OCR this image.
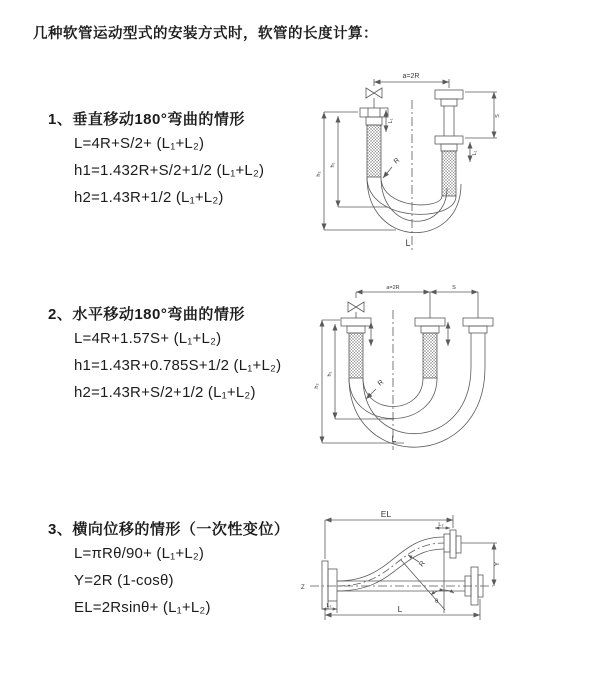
几种软管运动型式的安装方式时，软管的长度计算：
1、垂直移动180°弯曲的情形
L=4R+S/2+ (L₁+L₂)
h1=1.432R+S/2+1/2 (L₁+L₂)
h2=1.43R+1/2 (L₁+L₂)
2、水平移动180°弯曲的情形
L=4R+1.57S+ (L₁+L₂)
h1=1.43R+0.785S+1/2 (L₁+L₂)
h2=1.43R+S/2+1/2 (L₁+L₂)
3、横向位移的情形（一次性变位）
L=πRθ/90+ (L₁+L₂)
Y=2R (1-cosθ)
EL=2Rsinθ+ (L₁+L₂)
a=2R
h₂
h₁
L₁
S
L₁
R
L
a=2R	S
h₂
h₁
R
L
Z
EL
L₂
Y
θ
R
L
L₁
